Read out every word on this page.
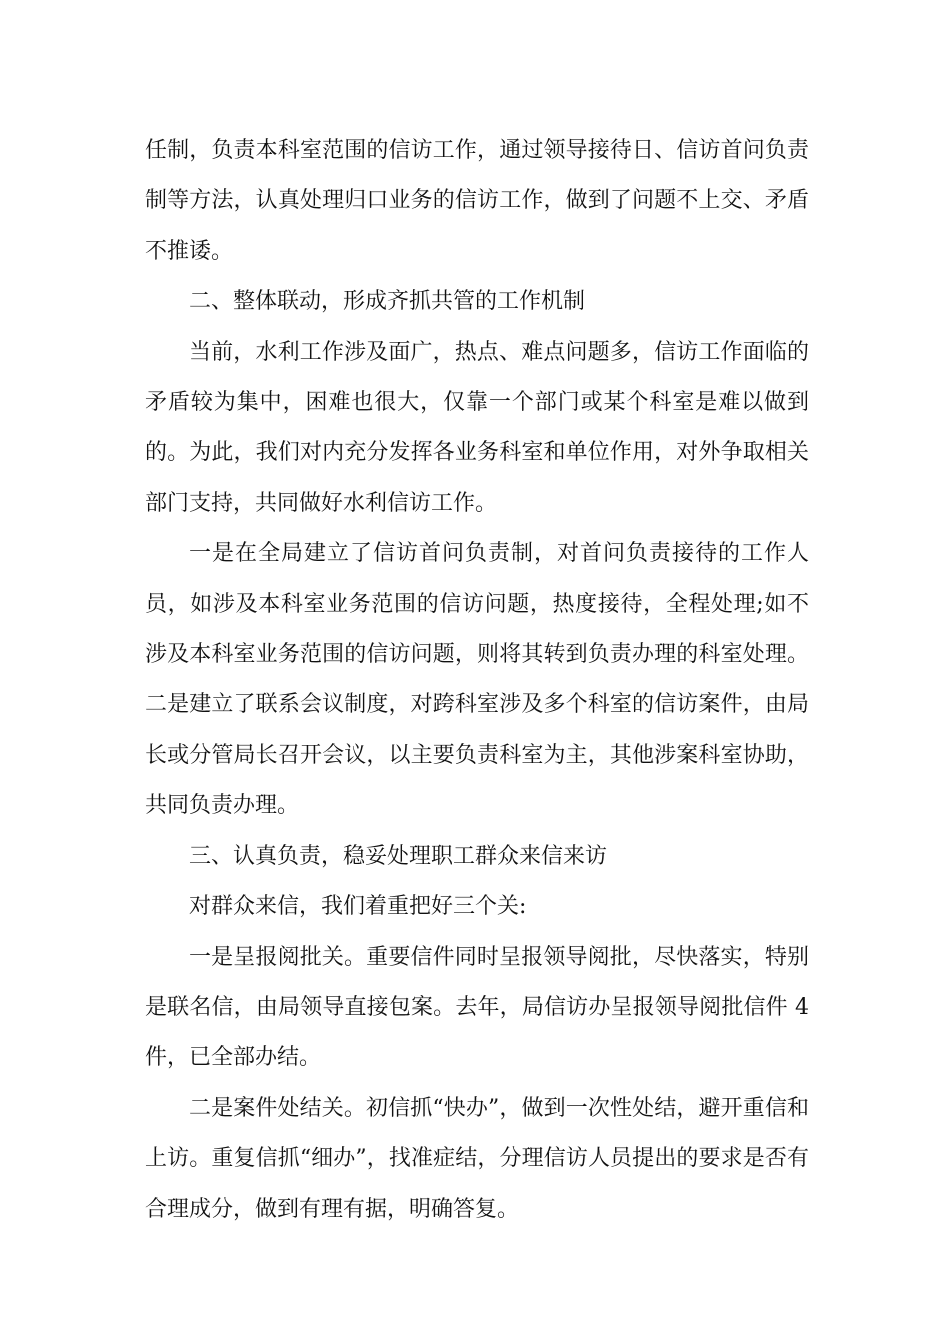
任制，负责本科室范围的信访工作，通过领导接待日、信访首问负责制等方法，认真处理归口业务的信访工作，做到了问题不上交、矛盾不推诿。

二、整体联动，形成齐抓共管的工作机制

当前，水利工作涉及面广，热点、难点问题多，信访工作面临的矛盾较为集中，困难也很大，仅靠一个部门或某个科室是难以做到的。为此，我们对内充分发挥各业务科室和单位作用，对外争取相关部门支持，共同做好水利信访工作。

一是在全局建立了信访首问负责制，对首问负责接待的工作人员，如涉及本科室业务范围的信访问题，热度接待，全程处理;如不涉及本科室业务范围的信访问题，则将其转到负责办理的科室处理。二是建立了联系会议制度，对跨科室涉及多个科室的信访案件，由局长或分管局长召开会议，以主要负责科室为主，其他涉案科室协助，共同负责办理。

三、认真负责，稳妥处理职工群众来信来访

对群众来信，我们着重把好三个关:

一是呈报阅批关。重要信件同时呈报领导阅批，尽快落实，特别是联名信，由局领导直接包案。去年，局信访办呈报领导阅批信件 4 件，已全部办结。

二是案件处结关。初信抓“快办”，做到一次性处结，避开重信和上访。重复信抓“细办”，找准症结，分理信访人员提出的要求是否有合理成分，做到有理有据，明确答复。
